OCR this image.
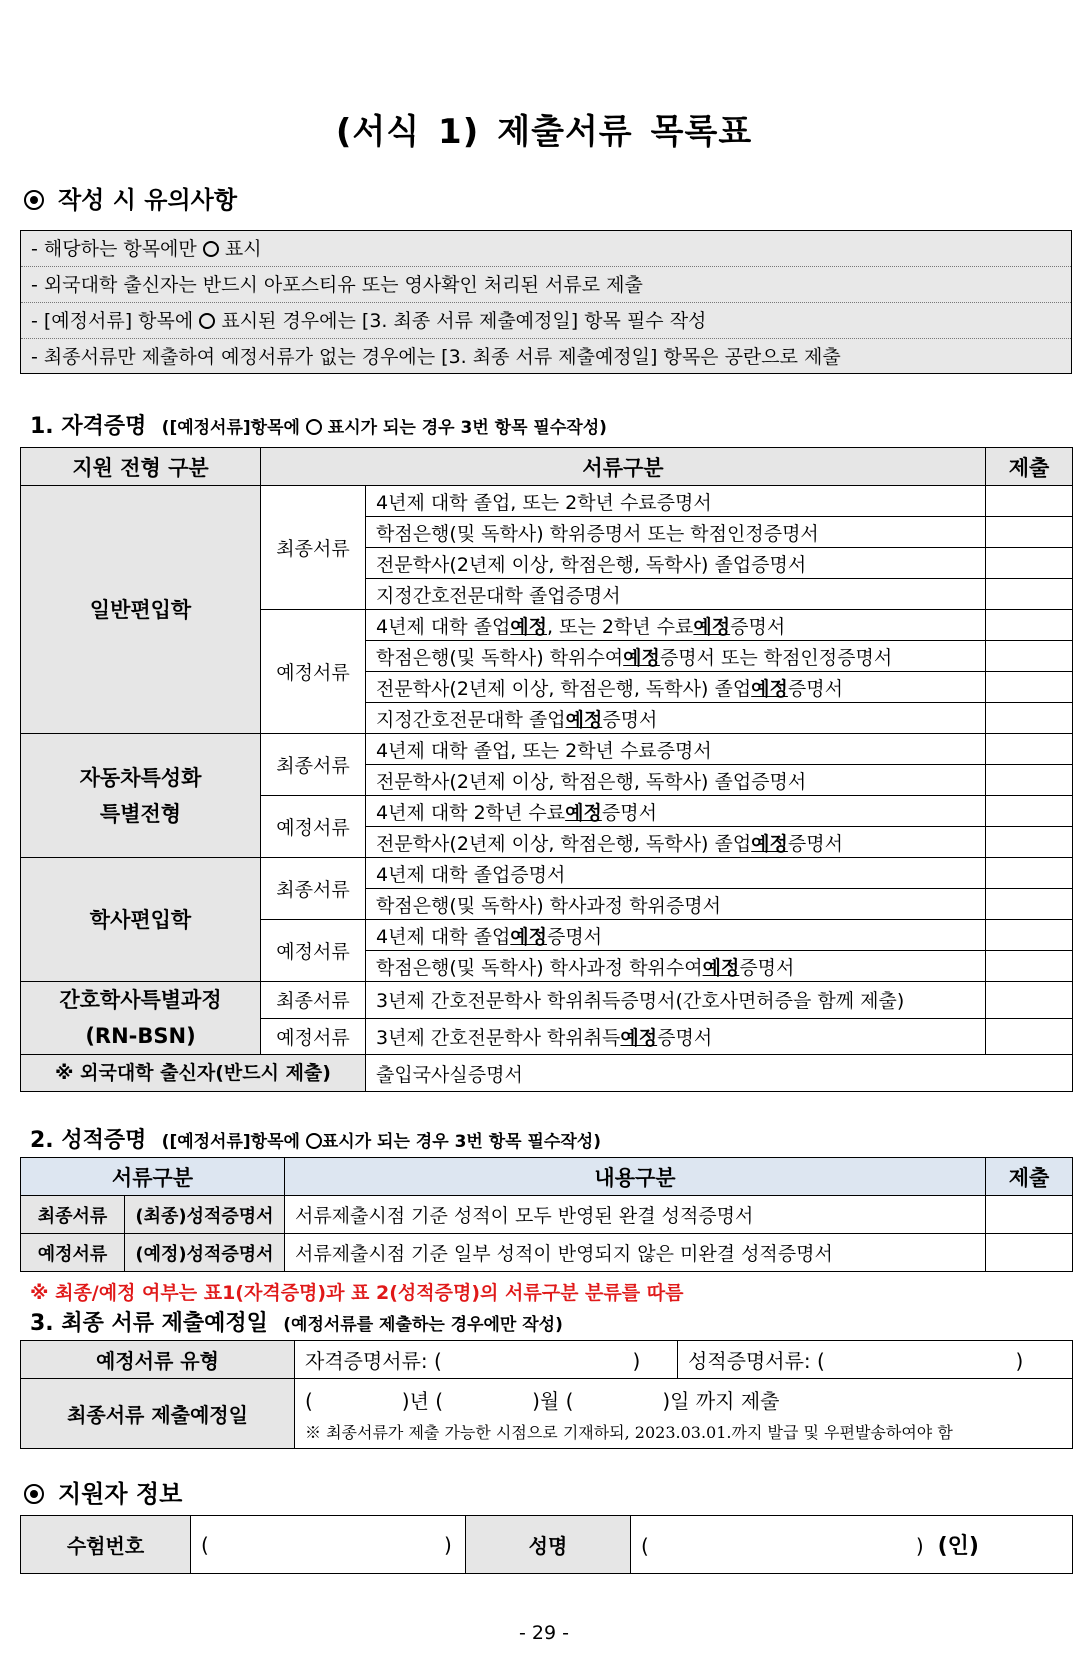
(서식 1) 제출서류 목록표
작성 시 유의사항
- 해당하는 항목에만 ○ 표시
- 외국대학 출신자는 반드시 아포스티유 또는 영사확인 처리된 서류로 제출
- [예정서류] 항목에 ○ 표시된 경우에는 [3. 최종 서류 제출예정일] 항목 필수 작성
- 최종서류만 제출하여 예정서류가 없는 경우에는 [3. 최종 서류 제출예정일] 항목은 공란으로 제출
1. 자격증명 ([예정서류]항목에 ○ 표시가 되는 경우 3번 항목 필수작성)
지원 전형 구분	서류구분		제출
일반편입학	최종서류	4년제 대학 졸업, 또는 2학년 수료증명서	
		학점은행(및 독학사) 학위증명서 또는 학점인정증명서	
		전문학사(2년제 이상, 학점은행, 독학사) 졸업증명서	
		지정간호전문대학 졸업증명서	
	예정서류	4년제 대학 졸업예정, 또는 2학년 수료예정증명서	
		학점은행(및 독학사) 학위수여예정증명서 또는 학점인정증명서	
		전문학사(2년제 이상, 학점은행, 독학사) 졸업예정증명서	
		지정간호전문대학 졸업예정증명서	
자동차특성화
특별전형	최종서류	4년제 대학 졸업, 또는 2학년 수료증명서	
		전문학사(2년제 이상, 학점은행, 독학사) 졸업증명서	
	예정서류	4년제 대학 2학년 수료예정증명서	
		전문학사(2년제 이상, 학점은행, 독학사) 졸업예정증명서	
학사편입학	최종서류	4년제 대학 졸업증명서	
		학점은행(및 독학사) 학사과정 학위증명서	
	예정서류	4년제 대학 졸업예정증명서	
		학점은행(및 독학사) 학사과정 학위수여예정증명서	
간호학사특별과정
(RN-BSN)	최종서류	3년제 간호전문학사 학위취득증명서(간호사면허증을 함께 제출)	
	예정서류	3년제 간호전문학사 학위취득예정증명서	
※ 외국대학 출신자(반드시 제출)		출입국사실증명서	
2. 성적증명 ([예정서류]항목에 ○표시가 되는 경우 3번 항목 필수작성)
서류구분		내용구분	제출
최종서류	(최종)성적증명서	서류제출시점 기준 성적이 모두 반영된 완결 성적증명서	
예정서류	(예정)성적증명서	서류제출시점 기준 일부 성적이 반영되지 않은 미완결 성적증명서	
※ 최종/예정 여부는 표1(자격증명)과 표 2(성적증명)의 서류구분 분류를 따름
3. 최종 서류 제출예정일 (예정서류를 제출하는 경우에만 작성)
예정서류 유형	자격증명서류: (                              )	성적증명서류: (                              )
최종서류 제출예정일	(              )년 (              )월 (              )일 까지 제출
※ 최종서류가 제출 가능한 시점으로 기재하되, 2023.03.01.까지 발급 및 우편발송하여야 함	
지원자 정보
수험번호	(                                     )	성명	(                                          ) (인)
- 29 -
